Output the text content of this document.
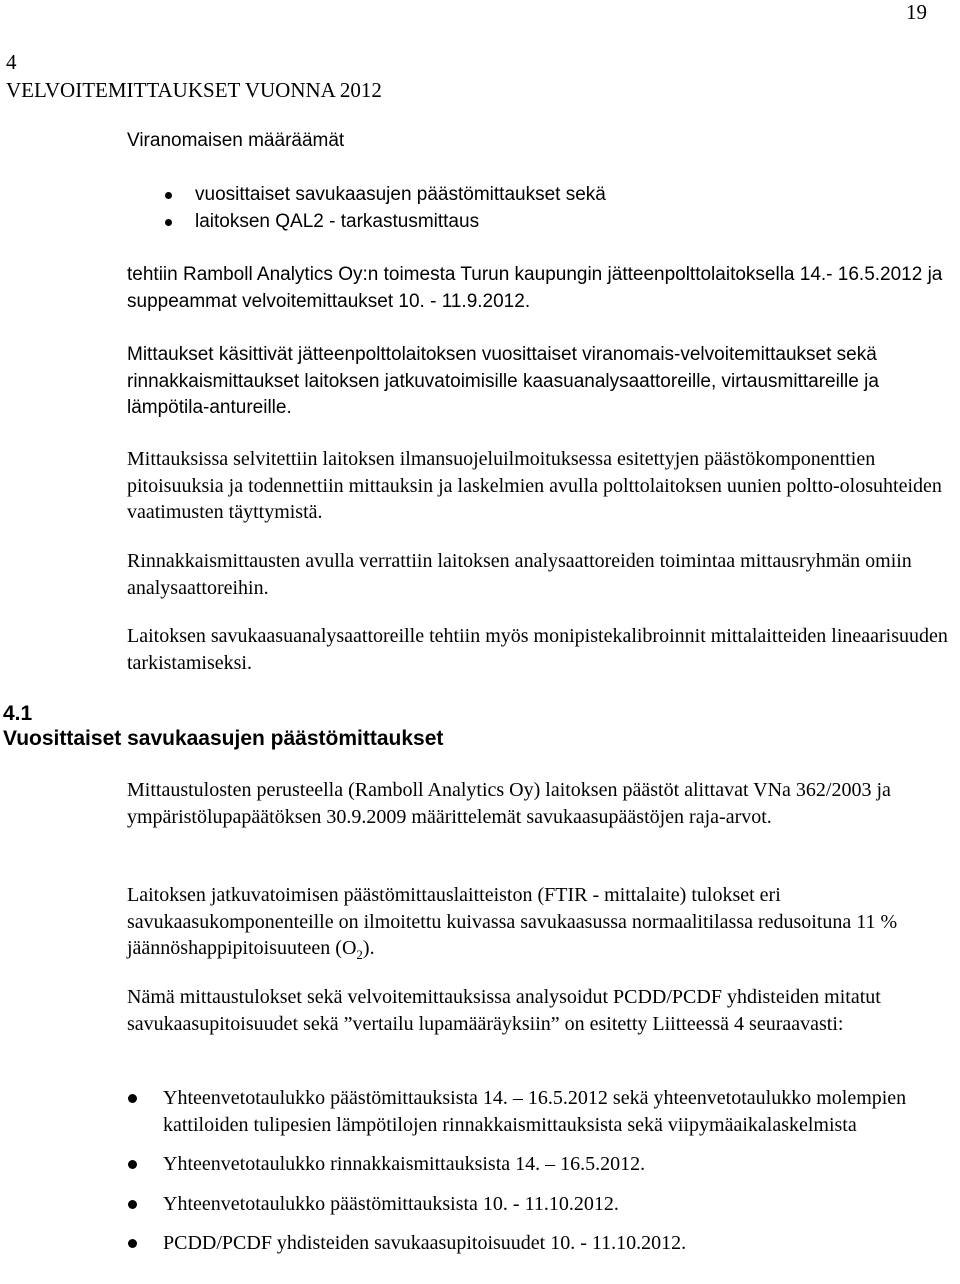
19
4
VELVOITEMITTAUKSET VUONNA 2012
Viranomaisen määräämät
vuosittaiset savukaasujen päästömittaukset sekä
laitoksen QAL2 - tarkastusmittaus

tehtiin Ramboll Analytics Oy:n toimesta Turun kaupungin jätteenpolttolaitoksella 14.- 16.5.2012 ja suppeammat velvoitemittaukset 10. - 11.9.2012.

Mittaukset käsittivät jätteenpolttolaitoksen vuosittaiset viranomais-velvoitemittaukset sekä rinnakkaismittaukset laitoksen jatkuvatoimisille kaasuanalysaattoreille, virtausmittareille ja lämpötila-antureille.

Mittauksissa selvitettiin laitoksen ilmansuojeluilmoituksessa esitettyjen päästökomponenttien pitoisuuksia ja todennettiin mittauksin ja laskelmien avulla polttolaitoksen uunien poltto-olosuhteiden vaatimusten täyttymistä.

Rinnakkaismittausten avulla verrattiin laitoksen analysaattoreiden toimintaa mittausryhmän omiin analysaattoreihin.

Laitoksen savukaasuanalysaattoreille tehtiin myös monipistekalibroinnit mittalaitteiden lineaarisuuden tarkistamiseksi.

4.1
Vuosittaiset savukaasujen päästömittaukset

Mittaustulosten perusteella (Ramboll Analytics Oy) laitoksen päästöt alittavat VNa 362/2003 ja ympäristölupapäätöksen 30.9.2009 määrittelemät savukaasupäästöjen raja-arvot.

Laitoksen jatkuvatoimisen päästömittauslaitteiston (FTIR - mittalaite) tulokset eri savukaasukomponenteille on ilmoitettu kuivassa savukaasussa normaalitilassa redusoituna 11 % jäännöshappipitoisuuteen $(O_2)$.

Nämä mittaustulokset sekä velvoitemittauksissa analysoidut PCDD/PCDF yhdisteiden mitatut savukaasupitoisuudet sekä ”vertailu lupamääräyksiin” on esitetty Liitteessä 4 seuraavasti:

Yhteenvetotaulukko päästömittauksista 14. – 16.5.2012 sekä yhteenvetotaulukko molempien kattiloiden tulipesien lämpötilojen rinnakkaismittauksista sekä viipymäaikalaskelmista
Yhteenvetotaulukko rinnakkaismittauksista 14. – 16.5.2012.
Yhteenvetotaulukko päästömittauksista 10. - 11.10.2012.
PCDD/PCDF yhdisteiden savukaasupitoisuudet 10. - 11.10.2012.
